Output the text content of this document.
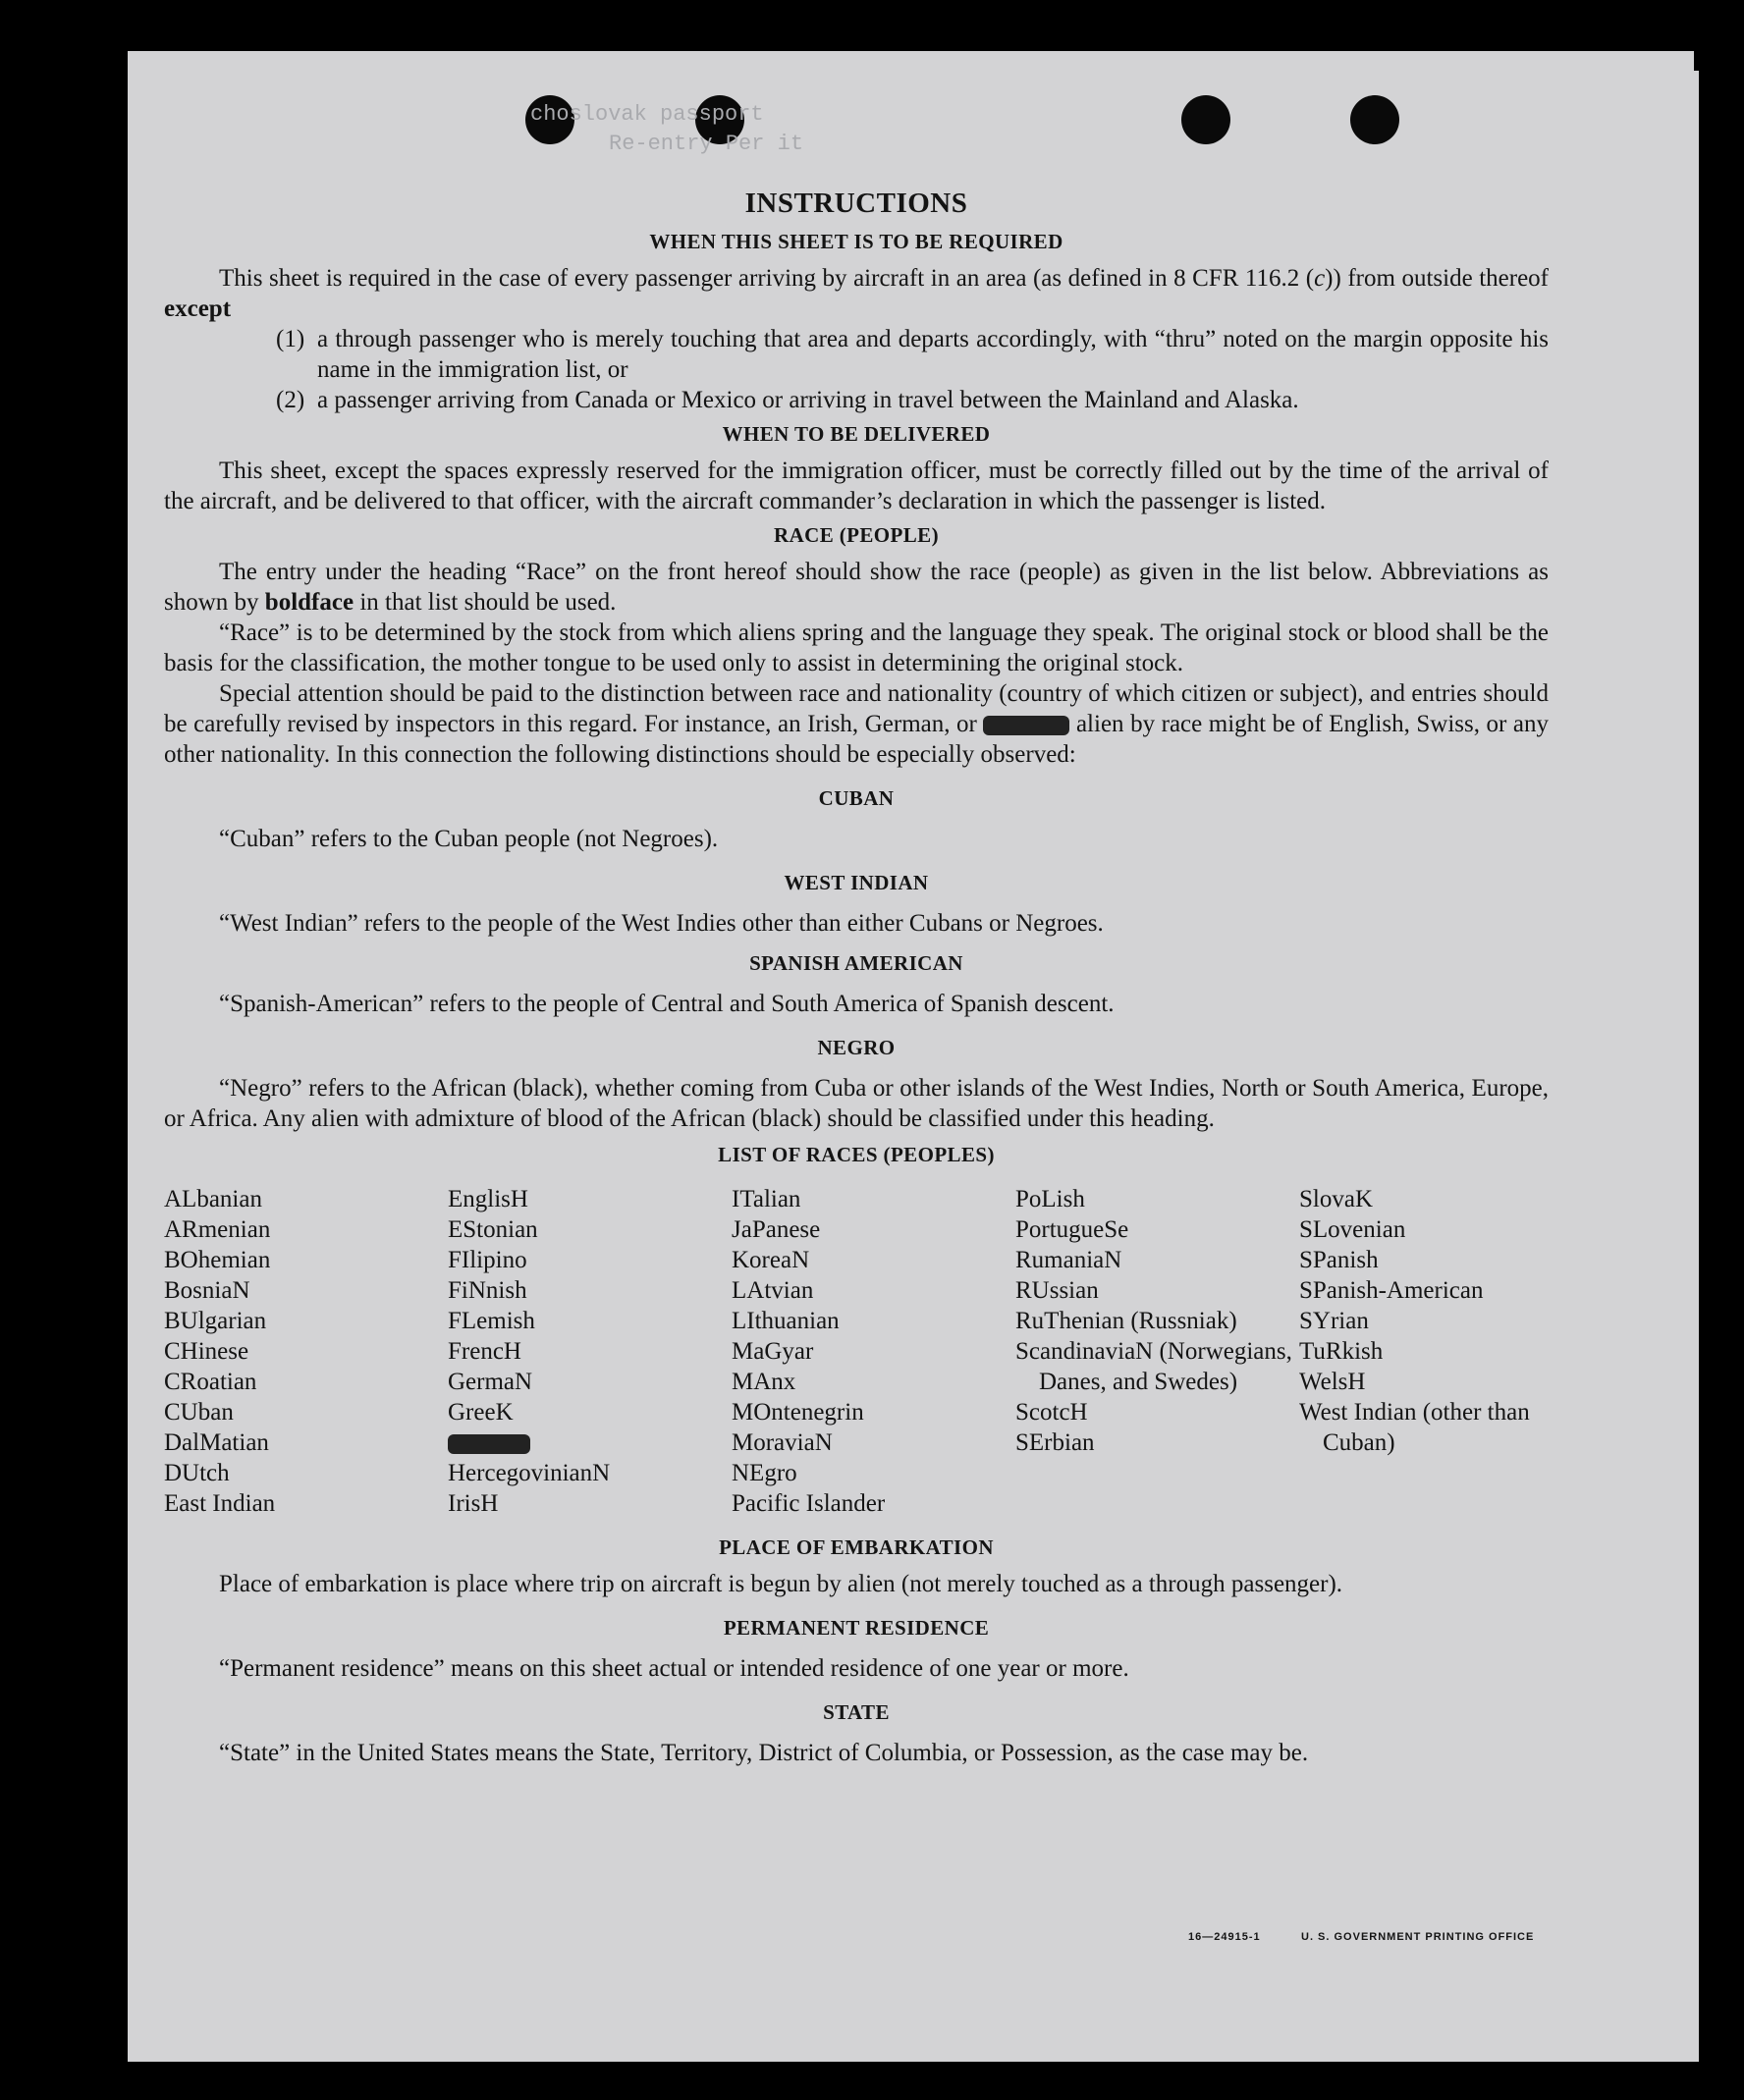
choslovak passport
Re-entry Per it
INSTRUCTIONS
WHEN THIS SHEET IS TO BE REQUIRED

This sheet is required in the case of every passenger arriving by aircraft in an area (as defined in 8 CFR 116.2 (c)) from outside thereof except

(1) a through passenger who is merely touching that area and departs accordingly, with “thru” noted on the margin opposite his name in the immigration list, or
(2) a passenger arriving from Canada or Mexico or arriving in travel between the Mainland and Alaska.
WHEN TO BE DELIVERED

This sheet, except the spaces expressly reserved for the immigration officer, must be correctly filled out by the time of the arrival of the aircraft, and be delivered to that officer, with the aircraft commander’s declaration in which the passenger is listed.

RACE (PEOPLE)

The entry under the heading “Race” on the front hereof should show the race (people) as given in the list below. Abbreviations as shown by boldface in that list should be used.

“Race” is to be determined by the stock from which aliens spring and the language they speak. The original stock or blood shall be the basis for the classification, the mother tongue to be used only to assist in determining the original stock.

Special attention should be paid to the distinction between race and nationality (country of which citizen or subject), and entries should be carefully revised by inspectors in this regard. For instance, an Irish, German, or	alien by race might be of English, Swiss, or any other nationality. In this connection the following distinctions should be especially observed:

CUBAN

“Cuban” refers to the Cuban people (not Negroes).

WEST INDIAN

“West Indian” refers to the people of the West Indies other than either Cubans or Negroes.

SPANISH AMERICAN

“Spanish-American” refers to the people of Central and South America of Spanish descent.

NEGRO

“Negro” refers to the African (black), whether coming from Cuba or other islands of the West Indies, North or South America, Europe, or Africa. Any alien with admixture of blood of the African (black) should be classified under this heading.

LIST OF RACES (PEOPLES)
ALbanian
ARmenian
BOhemian
BosniaN
BUlgarian
CHinese
CRoatian
CUban
DalMatian
DUtch
East Indian
EnglisH
EStonian
FIlipino
FiNnish
FLemish
FrencH
GermaN
GreeK
HercegovinianN
IrisH
ITalian
JaPanese
KoreaN
LAtvian
LIthuanian
MaGyar
MAnx
MOntenegrin
MoraviaN
NEgro
Pacific Islander
PoLish
PortugueSe
RumaniaN
RUssian
RuThenian (Russniak)
ScandinaviaN (Norwegians, Danes, and Swedes)
ScotcH
SErbian
SlovaK
SLovenian
SPanish
SPanish-American
SYrian
TuRkish
WelsH
West Indian (other than Cuban)
PLACE OF EMBARKATION

Place of embarkation is place where trip on aircraft is begun by alien (not merely touched as a through passenger).

PERMANENT RESIDENCE

“Permanent residence” means on this sheet actual or intended residence of one year or more.

STATE

“State” in the United States means the State, Territory, District of Columbia, or Possession, as the case may be.

16—24915-1	U. S. GOVERNMENT PRINTING OFFICE
